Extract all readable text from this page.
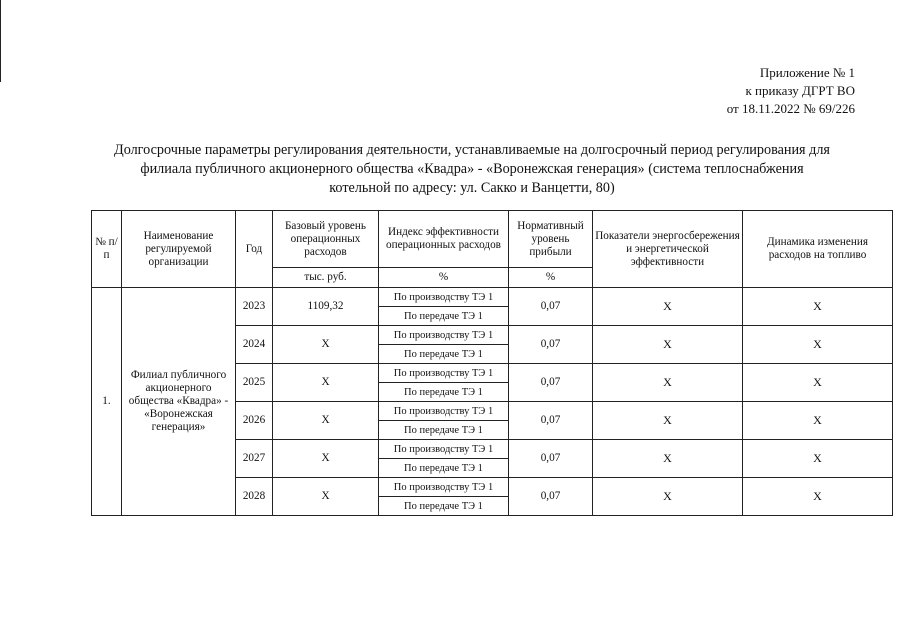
Приложение № 1
к приказу ДГРТ ВО
от 18.11.2022 № 69/226
Долгосрочные параметры регулирования деятельности, устанавливаемые на долгосрочный период регулирования для
филиала публичного акционерного общества «Квадра» - «Воронежская генерация» (система теплоснабжения
котельной по адресу: ул. Сакко и Ванцетти, 80)
№ п/п	Наименование регулируемой организации	Год	Базовый уровень операционных расходов	Индекс эффективности операционных расходов	Нормативный уровень прибыли	Показатели энергосбережения и энергетической эффективности	Динамика изменения расходов на топливо
			тыс. руб.	%	%		
1.	Филиал публичного акционерного общества «Квадра» - «Воронежская генерация»	2023	1109,32	По производству ТЭ 1	0,07	X	X
				По передаче ТЭ 1			
		2024	X	По производству ТЭ 1	0,07	X	X
				По передаче ТЭ 1			
		2025	X	По производству ТЭ 1	0,07	X	X
				По передаче ТЭ 1			
		2026	X	По производству ТЭ 1	0,07	X	X
				По передаче ТЭ 1			
		2027	X	По производству ТЭ 1	0,07	X	X
				По передаче ТЭ 1			
		2028	X	По производству ТЭ 1	0,07	X	X
				По передаче ТЭ 1			
